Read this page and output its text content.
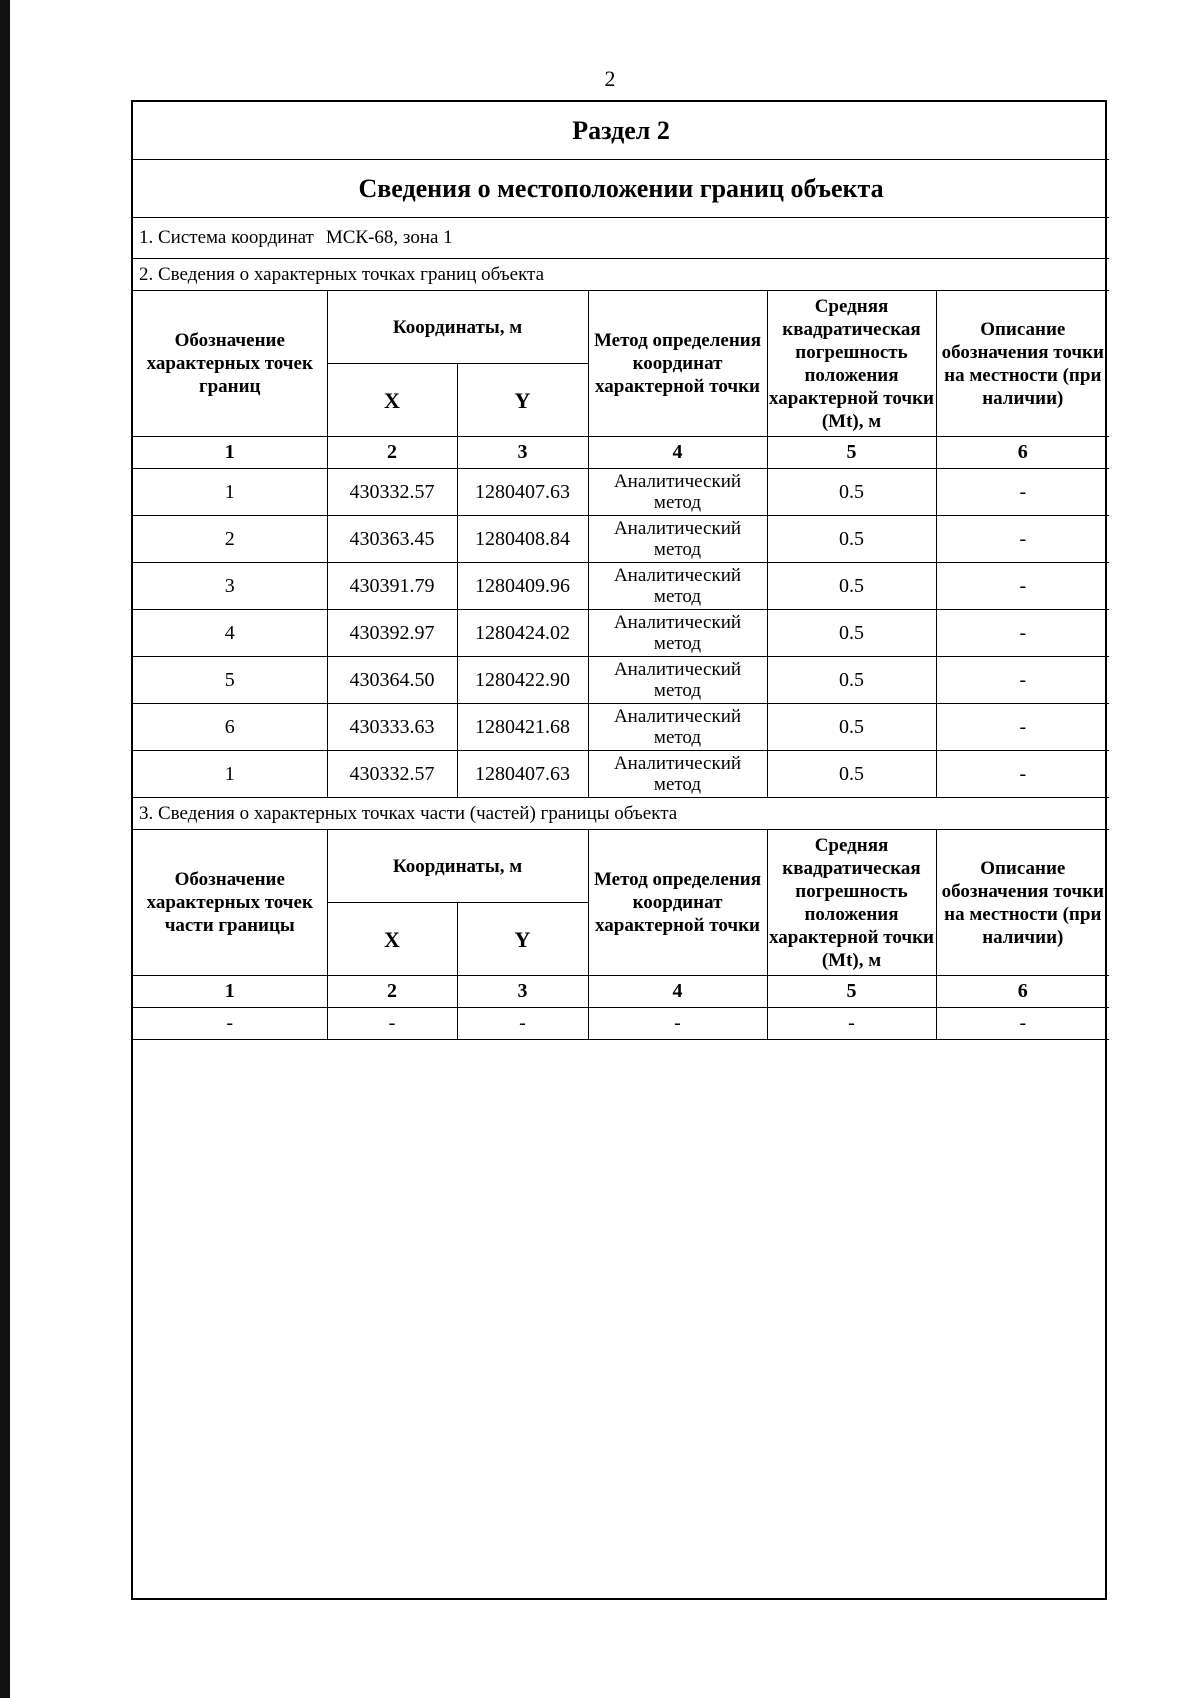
2
Раздел 2					
Сведения о местоположении границ объекта					
1. Система координат МСК-68, зона 1					
2. Сведения о характерных точках границ объекта					
Обозначение характерных точек границ	Координаты, м		Метод определения координат характерной точки	Средняя квадратическая погрешность положения характерной точки (Mt), м	Описание обозначения точки на местности (при наличии)
	X	Y			
1	2	3	4	5	6
1	430332.57	1280407.63	Аналитический метод	0.5	-
2	430363.45	1280408.84	Аналитический метод	0.5	-
3	430391.79	1280409.96	Аналитический метод	0.5	-
4	430392.97	1280424.02	Аналитический метод	0.5	-
5	430364.50	1280422.90	Аналитический метод	0.5	-
6	430333.63	1280421.68	Аналитический метод	0.5	-
1	430332.57	1280407.63	Аналитический метод	0.5	-
3. Сведения о характерных точках части (частей) границы объекта					
Обозначение характерных точек части границы	Координаты, м		Метод определения координат характерной точки	Средняя квадратическая погрешность положения характерной точки (Mt), м	Описание обозначения точки на местности (при наличии)
	X	Y			
1	2	3	4	5	6
-	-	-	-	-	-
